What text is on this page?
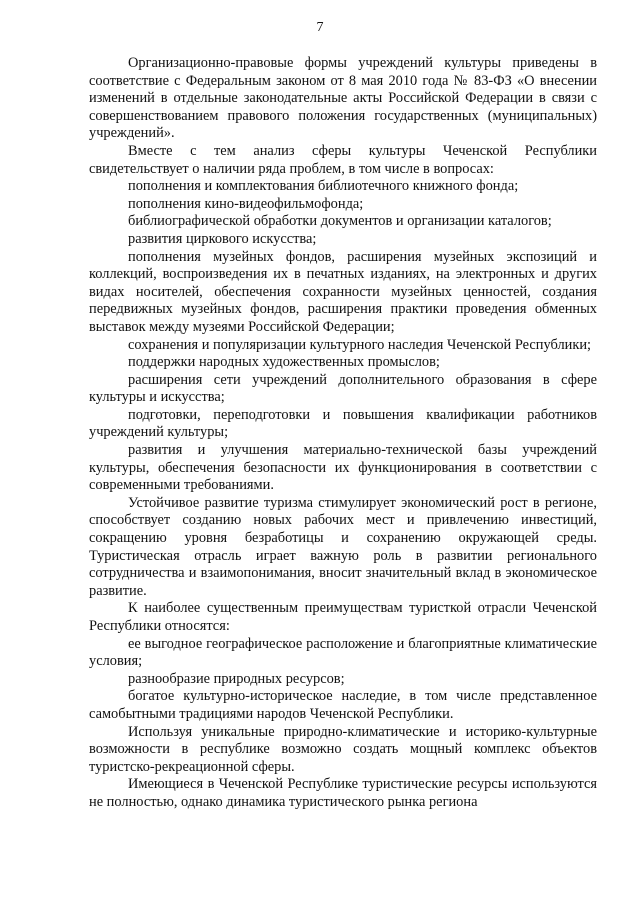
7

Организационно-правовые формы учреждений культуры приведены в соответствие с Федеральным законом от 8 мая 2010 года № 83-ФЗ «О внесении изменений в отдельные законодательные акты Российской Федерации в связи с совершенствованием правового положения государственных (муниципальных) учреждений».

Вместе с тем анализ сферы культуры Чеченской Республики свидетельствует о наличии ряда проблем, в том числе в вопросах:

пополнения и комплектования библиотечного книжного фонда;

пополнения кино-видеофильмофонда;

библиографической обработки документов и организации каталогов;

развития циркового искусства;

пополнения музейных фондов, расширения музейных экспозиций и коллекций, воспроизведения их в печатных изданиях, на электронных и других видах носителей, обеспечения сохранности музейных ценностей, создания передвижных музейных фондов, расширения практики проведения обменных выставок между музеями Российской Федерации;

сохранения и популяризации культурного наследия Чеченской Республики;

поддержки народных художественных промыслов;

расширения сети учреждений дополнительного образования в сфере культуры и искусства;

подготовки, переподготовки и повышения квалификации работников учреждений культуры;

развития и улучшения материально-технической базы учреждений культуры, обеспечения безопасности их функционирования в соответствии с современными требованиями.

Устойчивое развитие туризма стимулирует экономический рост в регионе, способствует созданию новых рабочих мест и привлечению инвестиций, сокращению уровня безработицы и сохранению окружающей среды. Туристическая отрасль играет важную роль в развитии регионального сотрудничества и взаимопонимания, вносит значительный вклад в экономическое развитие.

К наиболее существенным преимуществам туристкой отрасли Чеченской Республики относятся:

ее выгодное географическое расположение и благоприятные климатические условия;

разнообразие природных ресурсов;

богатое культурно-историческое наследие, в том числе представленное самобытными традициями народов Чеченской Республики.

Используя уникальные природно-климатические и историко-культурные возможности в республике возможно создать мощный комплекс объектов туристско-рекреационной сферы.

Имеющиеся в Чеченской Республике туристические ресурсы используются не полностью, однако динамика туристического рынка региона
